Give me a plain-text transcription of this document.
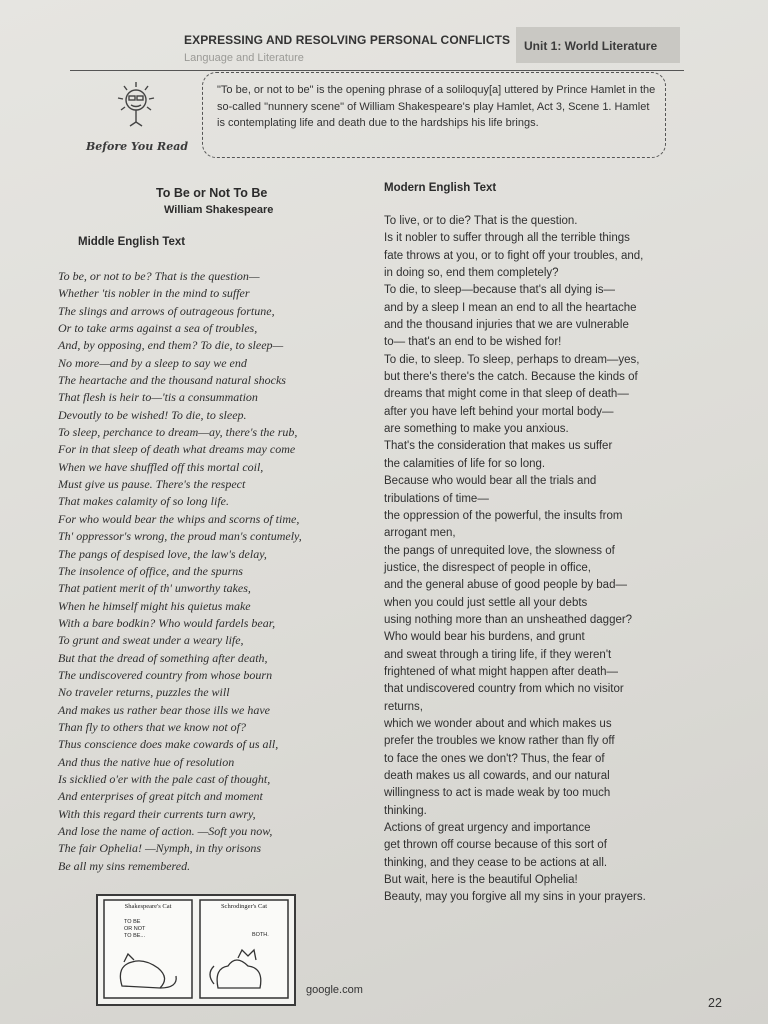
EXPRESSING AND RESOLVING PERSONAL CONFLICTS
Language and Literature
Unit 1: World Literature
Before You Read
"To be, or not to be" is the opening phrase of a soliloquy[a] uttered by Prince Hamlet in the so-called "nunnery scene" of William Shakespeare's play Hamlet, Act 3, Scene 1. Hamlet is contemplating life and death due to the hardships his life brings.
To Be or Not To Be
William Shakespeare
Middle English Text
To be, or not to be? That is the question—
Whether 'tis nobler in the mind to suffer
The slings and arrows of outrageous fortune,
Or to take arms against a sea of troubles,
And, by opposing, end them? To die, to sleep—
No more—and by a sleep to say we end
The heartache and the thousand natural shocks
That flesh is heir to—'tis a consummation
Devoutly to be wished! To die, to sleep.
To sleep, perchance to dream—ay, there's the rub,
For in that sleep of death what dreams may come
When we have shuffled off this mortal coil,
Must give us pause. There's the respect
That makes calamity of so long life.
For who would bear the whips and scorns of time,
Th' oppressor's wrong, the proud man's contumely,
The pangs of despised love, the law's delay,
The insolence of office, and the spurns
That patient merit of th' unworthy takes,
When he himself might his quietus make
With a bare bodkin? Who would fardels bear,
To grunt and sweat under a weary life,
But that the dread of something after death,
The undiscovered country from whose bourn
No traveler returns, puzzles the will
And makes us rather bear those ills we have
Than fly to others that we know not of?
Thus conscience does make cowards of us all,
And thus the native hue of resolution
Is sicklied o'er with the pale cast of thought,
And enterprises of great pitch and moment
With this regard their currents turn awry,
And lose the name of action. —Soft you now,
The fair Ophelia! —Nymph, in thy orisons
Be all my sins remembered.
Modern English Text
To live, or to die? That is the question.
Is it nobler to suffer through all the terrible things
fate throws at you, or to fight off your troubles, and,
in doing so, end them completely?
To die, to sleep—because that's all dying is—
and by a sleep I mean an end to all the heartache
and the thousand injuries that we are vulnerable
to— that's an end to be wished for!
To die, to sleep. To sleep, perhaps to dream—yes,
but there's there's the catch. Because the kinds of
dreams that might come in that sleep of death—
after you have left behind your mortal body—
are something to make you anxious.
That's the consideration that makes us suffer
the calamities of life for so long.
Because who would bear all the trials and
tribulations of time—
the oppression of the powerful, the insults from
arrogant men,
the pangs of unrequited love, the slowness of
justice, the disrespect of people in office,
and the general abuse of good people by bad—
when you could just settle all your debts
using nothing more than an unsheathed dagger?
Who would bear his burdens, and grunt
and sweat through a tiring life, if they weren't
frightened of what might happen after death—
that undiscovered country from which no visitor
returns,
which we wonder about and which makes us
prefer the troubles we know rather than fly off
to face the ones we don't? Thus, the fear of
death makes us all cowards, and our natural
willingness to act is made weak by too much
thinking.
Actions of great urgency and importance
get thrown off course because of this sort of
thinking, and they cease to be actions at all.
But wait, here is the beautiful Ophelia!
Beauty, may you forgive all my sins in your prayers.
Shakespeare's Cat	Schrodinger's Cat
TO BE
OR NOT
TO BE...	BOTH.
google.com
22
